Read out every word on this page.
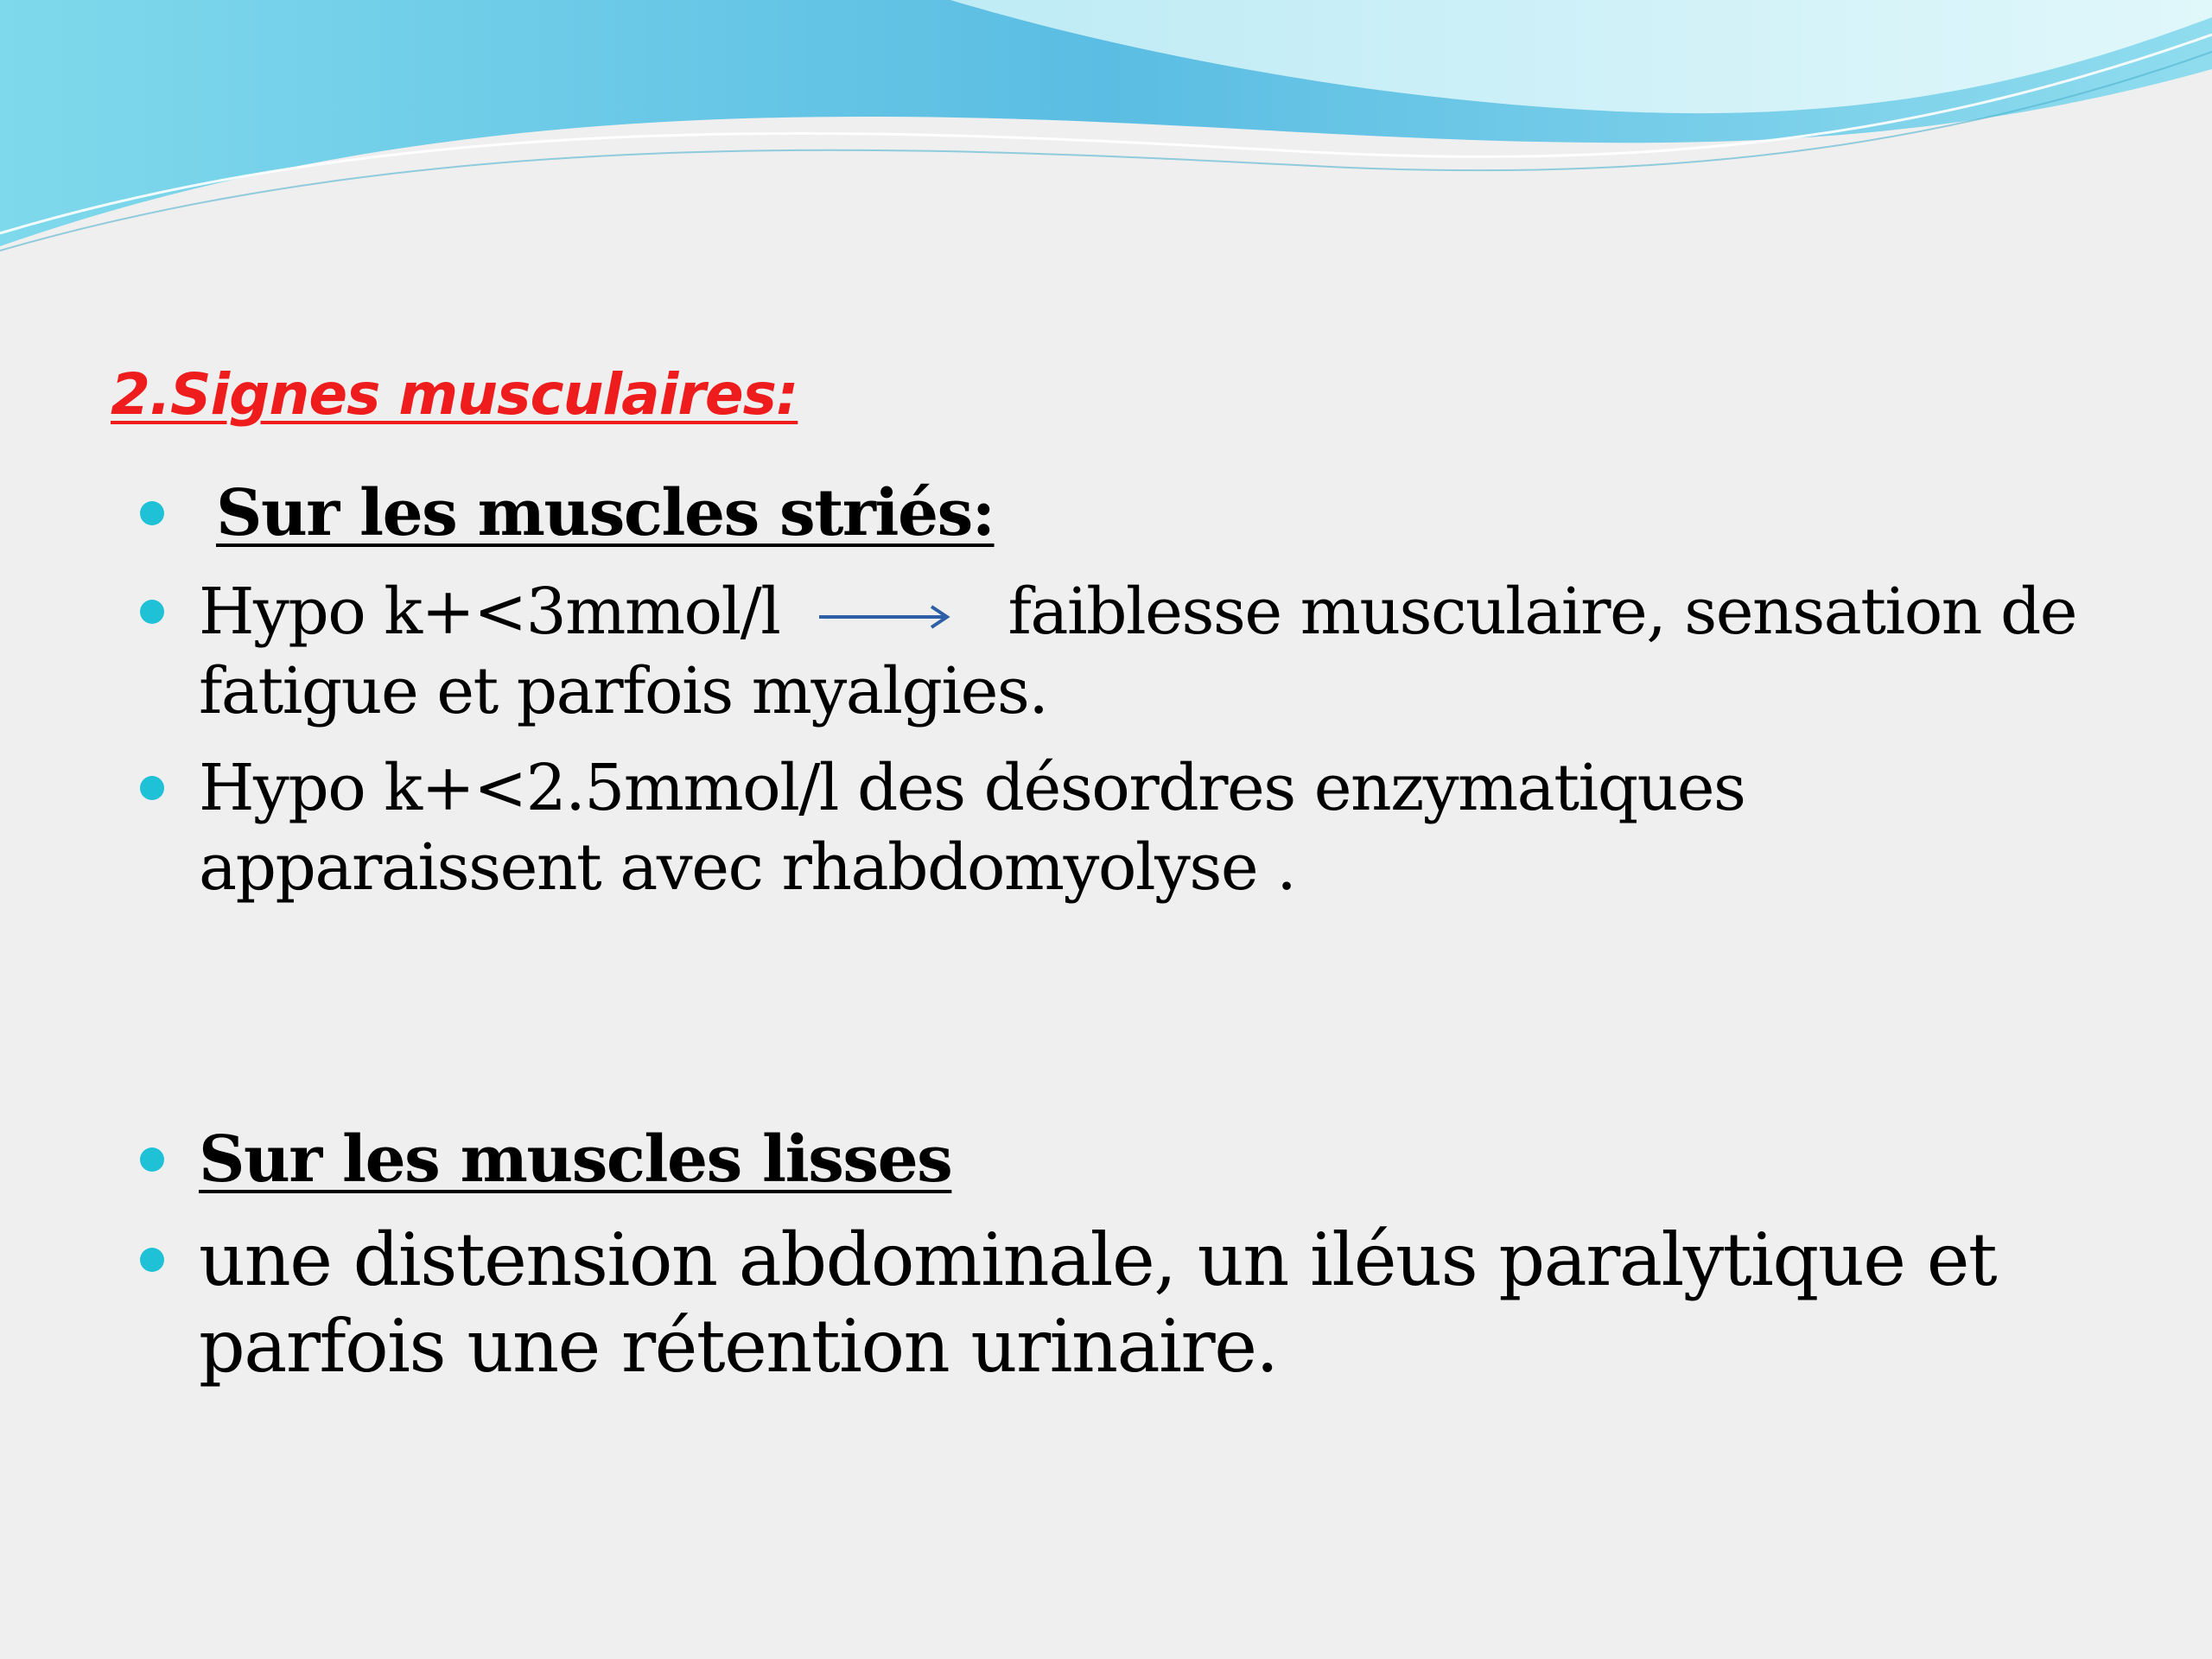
2.Signes musculaires:
Sur les muscles striés:
Hypo k+<3mmol/l	faiblesse musculaire, sensation de
fatigue et parfois myalgies.
Hypo k+<2.5mmol/l des désordres enzymatiques
apparaissent avec rhabdomyolyse .
Sur les muscles lisses
une distension abdominale, un iléus paralytique et
parfois une rétention urinaire.
